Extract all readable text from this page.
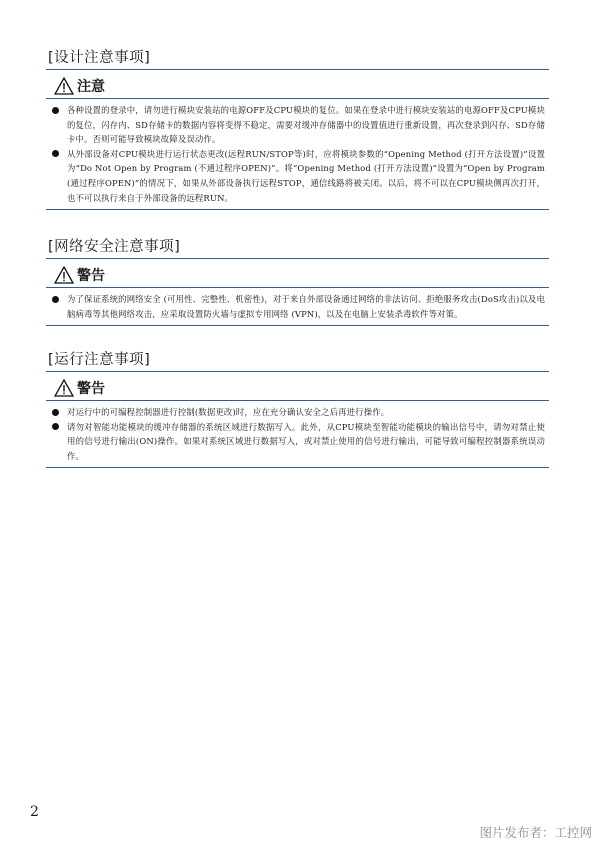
[设计注意事项]
注意
各种设置的登录中，请勿进行模块安装站的电源OFF及CPU模块的复位。如果在登录中进行模块安装站的电源OFF及CPU模块的复位，闪存内、SD存储卡的数据内容将变得不稳定，需要对缓冲存储器中的设置值进行重新设置，再次登录到闪存、SD存储卡中。否则可能导致模块故障及误动作。
从外部设备对CPU模块进行运行状态更改(远程RUN/STOP等)时，应将模块参数的“Opening Method (打开方法设置)”设置为“Do Not Open by Program (不通过程序OPEN)”。将“Opening Method (打开方法设置)”设置为“Open by Program (通过程序OPEN)”的情况下，如果从外部设备执行远程STOP，通信线路将被关闭。以后，将不可以在CPU模块侧再次打开，也不可以执行来自于外部设备的远程RUN。
[网络安全注意事项]
警告
为了保证系统的网络安全 (可用性、完整性、机密性)，对于来自外部设备通过网络的非法访问、拒绝服务攻击(DoS攻击)以及电脑病毒等其他网络攻击，应采取设置防火墙与虚拟专用网络 (VPN)，以及在电脑上安装杀毒软件等对策。
[运行注意事项]
警告
对运行中的可编程控制器进行控制(数据更改)时，应在充分确认安全之后再进行操作。
请勿对智能功能模块的缓冲存储器的系统区域进行数据写入。此外，从CPU模块至智能功能模块的输出信号中，请勿对禁止使用的信号进行输出(ON)操作。如果对系统区域进行数据写入，或对禁止使用的信号进行输出，可能导致可编程控制器系统误动作。
2
图片发布者：工控网
